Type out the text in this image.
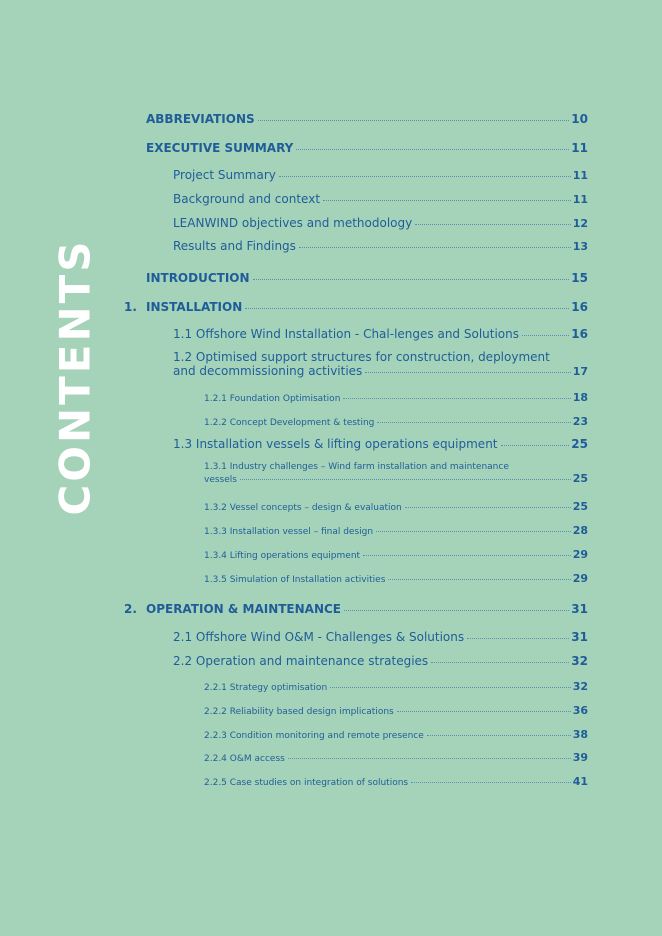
CONTENTS
ABBREVIATIONS	10
EXECUTIVE SUMMARY	11
Project Summary	11
Background and context	11
LEANWIND objectives and methodology	12
Results and Findings	13
INTRODUCTION	15
1. INSTALLATION	16
1.1 Offshore Wind Installation - Chal-lenges and Solutions	16
1.2 Optimised support structures for construction, deployment
and decommissioning activities	17
1.2.1 Foundation Optimisation	18
1.2.2 Concept Development & testing	23
1.3 Installation vessels & lifting operations equipment	25
1.3.1 Industry challenges – Wind farm installation and maintenance
vessels	25
1.3.2 Vessel concepts – design & evaluation	25
1.3.3 Installation vessel – final design	28
1.3.4 Lifting operations equipment	29
1.3.5 Simulation of Installation activities	29
2. OPERATION & MAINTENANCE	31
2.1 Offshore Wind O&M - Challenges & Solutions	31
2.2 Operation and maintenance strategies	32
2.2.1 Strategy optimisation	32
2.2.2 Reliability based design implications	36
2.2.3 Condition monitoring and remote presence	38
2.2.4 O&M access	39
2.2.5 Case studies on integration of solutions	41
